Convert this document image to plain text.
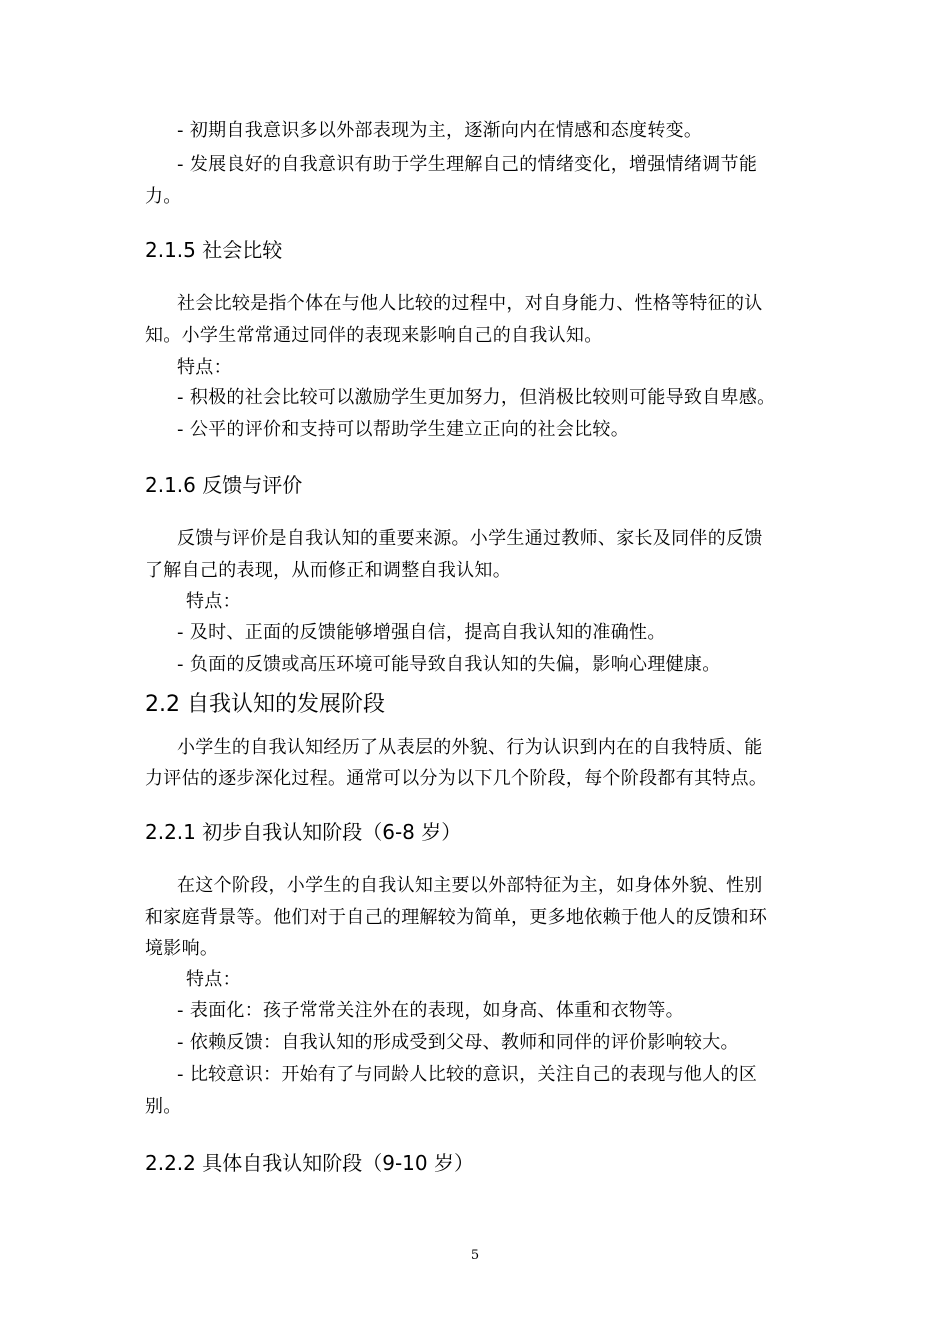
- 初期自我意识多以外部表现为主，逐渐向内在情感和态度转变。
- 发展良好的自我意识有助于学生理解自己的情绪变化，增强情绪调节能
力。
2.1.5 社会比较
社会比较是指个体在与他人比较的过程中，对自身能力、性格等特征的认
知。小学生常常通过同伴的表现来影响自己的自我认知。
特点：
- 积极的社会比较可以激励学生更加努力，但消极比较则可能导致自卑感。
- 公平的评价和支持可以帮助学生建立正向的社会比较。
2.1.6 反馈与评价
反馈与评价是自我认知的重要来源。小学生通过教师、家长及同伴的反馈
了解自己的表现，从而修正和调整自我认知。
特点：
- 及时、正面的反馈能够增强自信，提高自我认知的准确性。
- 负面的反馈或高压环境可能导致自我认知的失偏，影响心理健康。
2.2 自我认知的发展阶段
小学生的自我认知经历了从表层的外貌、行为认识到内在的自我特质、能
力评估的逐步深化过程。通常可以分为以下几个阶段，每个阶段都有其特点。
2.2.1 初步自我认知阶段（6-8 岁）
在这个阶段，小学生的自我认知主要以外部特征为主，如身体外貌、性别
和家庭背景等。他们对于自己的理解较为简单，更多地依赖于他人的反馈和环
境影响。
特点：
- 表面化：孩子常常关注外在的表现，如身高、体重和衣物等。
- 依赖反馈：自我认知的形成受到父母、教师和同伴的评价影响较大。
- 比较意识：开始有了与同龄人比较的意识，关注自己的表现与他人的区
别。
2.2.2 具体自我认知阶段（9-10 岁）
5
